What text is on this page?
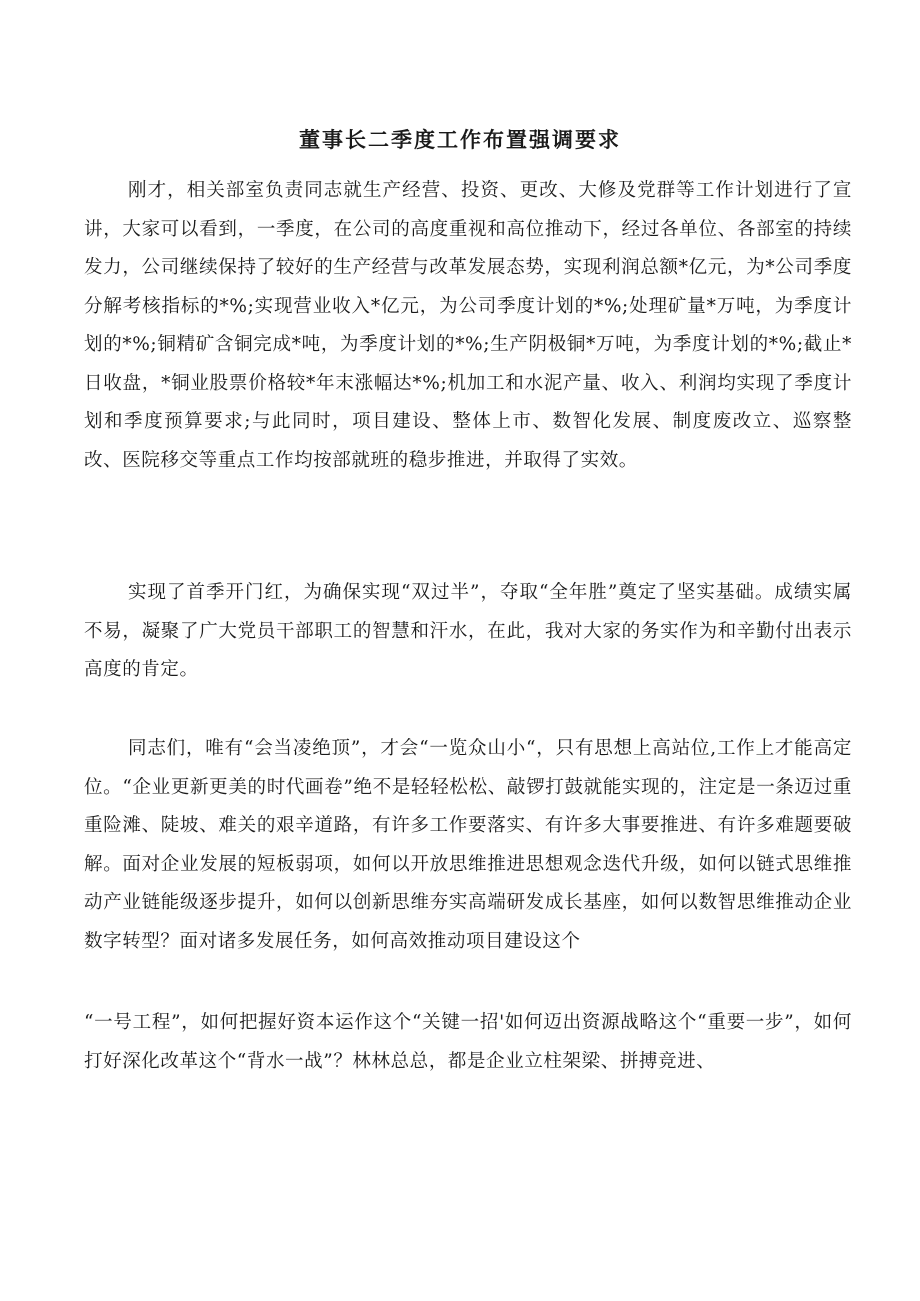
董事长二季度工作布置强调要求

刚才，相关部室负责同志就生产经营、投资、更改、大修及党群等工作计划进行了宣讲，大家可以看到，一季度，在公司的高度重视和高位推动下，经过各单位、各部室的持续发力，公司继续保持了较好的生产经营与改革发展态势，实现利润总额*亿元，为*公司季度分解考核指标的*%;实现营业收入*亿元，为公司季度计划的*%;处理矿量*万吨，为季度计划的*%;铜精矿含铜完成*吨，为季度计划的*%;生产阴极铜*万吨，为季度计划的*%;截止*日收盘，*铜业股票价格较*年末涨幅达*%;机加工和水泥产量、收入、利润均实现了季度计划和季度预算要求;与此同时，项目建设、整体上市、数智化发展、制度废改立、巡察整改、医院移交等重点工作均按部就班的稳步推进，并取得了实效。

实现了首季开门红，为确保实现“双过半”，夺取“全年胜”奠定了坚实基础。成绩实属不易，凝聚了广大党员干部职工的智慧和汗水，在此，我对大家的务实作为和辛勤付出表示高度的肯定。

同志们，唯有“会当凌绝顶”，才会“一览众山小“，只有思想上高站位,工作上才能高定位。“企业更新更美的时代画卷”绝不是轻轻松松、敲锣打鼓就能实现的，注定是一条迈过重重险滩、陡坡、难关的艰辛道路，有许多工作要落实、有许多大事要推进、有许多难题要破解。面对企业发展的短板弱项，如何以开放思维推进思想观念迭代升级，如何以链式思维推动产业链能级逐步提升，如何以创新思维夯实高端研发成长基座，如何以数智思维推动企业数字转型？面对诸多发展任务，如何高效推动项目建设这个

“一号工程”，如何把握好资本运作这个“关键一招'如何迈出资源战略这个“重要一步”，如何打好深化改革这个“背水一战”？林林总总，都是企业立柱架梁、拼搏竞进、
